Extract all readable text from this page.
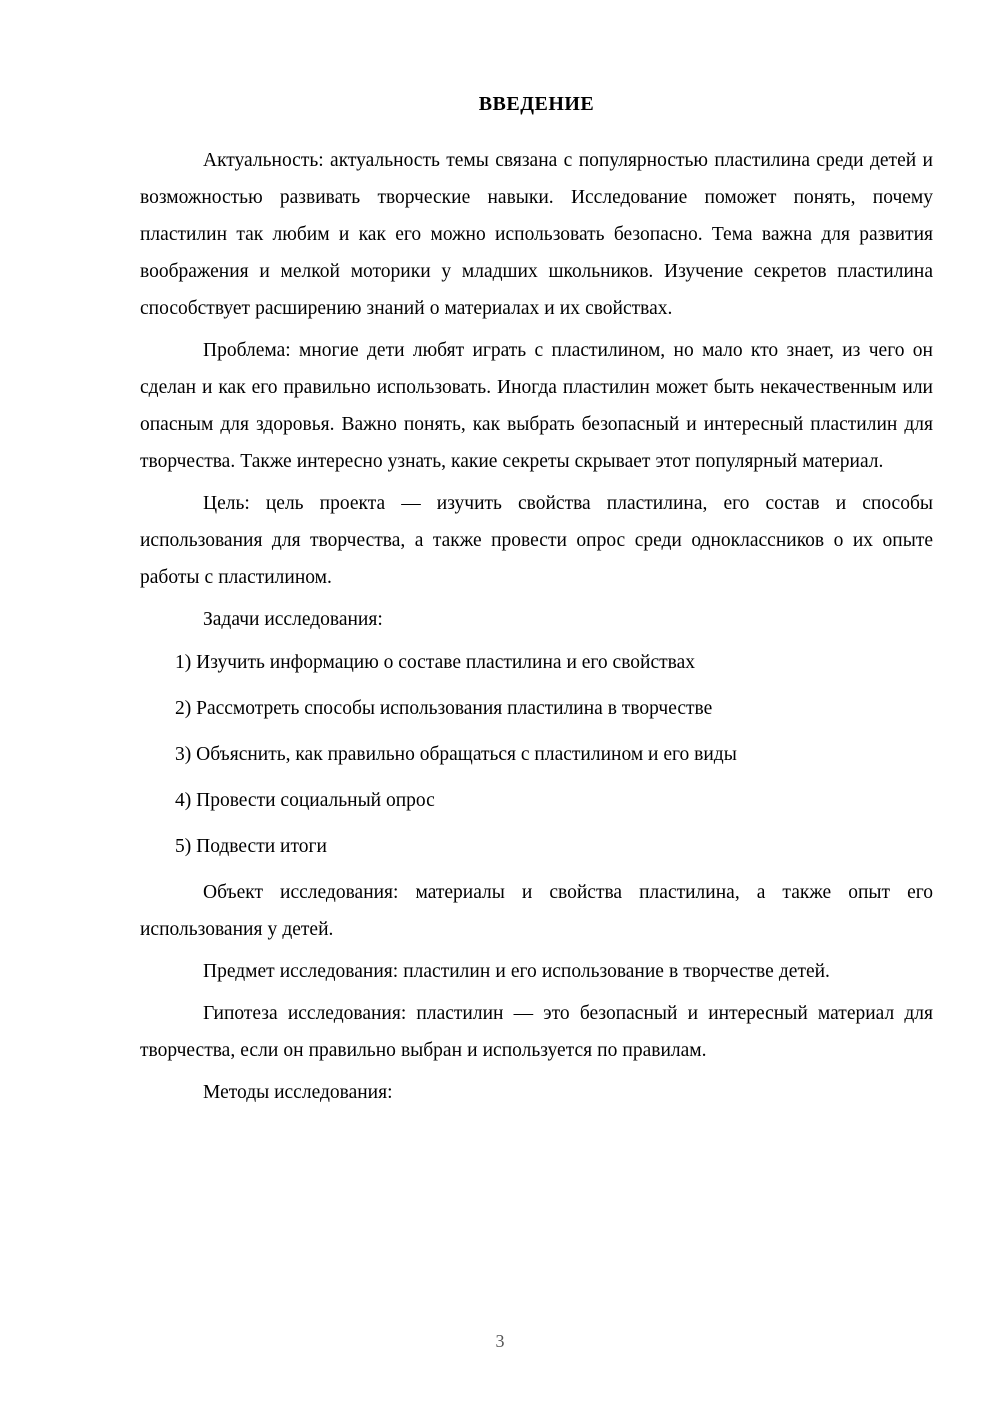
ВВЕДЕНИЕ

Актуальность: актуальность темы связана с популярностью пластилина среди детей и возможностью развивать творческие навыки. Исследование поможет понять, почему пластилин так любим и как его можно использовать безопасно. Тема важна для развития воображения и мелкой моторики у младших школьников. Изучение секретов пластилина способствует расширению знаний о материалах и их свойствах.

Проблема: многие дети любят играть с пластилином, но мало кто знает, из чего он сделан и как его правильно использовать. Иногда пластилин может быть некачественным или опасным для здоровья. Важно понять, как выбрать безопасный и интересный пластилин для творчества. Также интересно узнать, какие секреты скрывает этот популярный материал.

Цель: цель проекта — изучить свойства пластилина, его состав и способы использования для творчества, а также провести опрос среди одноклассников о их опыте работы с пластилином.

Задачи исследования:

1) Изучить информацию о составе пластилина и его свойствах

2) Рассмотреть способы использования пластилина в творчестве

3) Объяснить, как правильно обращаться с пластилином и его виды

4) Провести социальный опрос

5) Подвести итоги

Объект исследования: материалы и свойства пластилина, а также опыт его использования у детей.

Предмет исследования: пластилин и его использование в творчестве детей.

Гипотеза исследования: пластилин — это безопасный и интересный материал для творчества, если он правильно выбран и используется по правилам.

Методы исследования:

3
